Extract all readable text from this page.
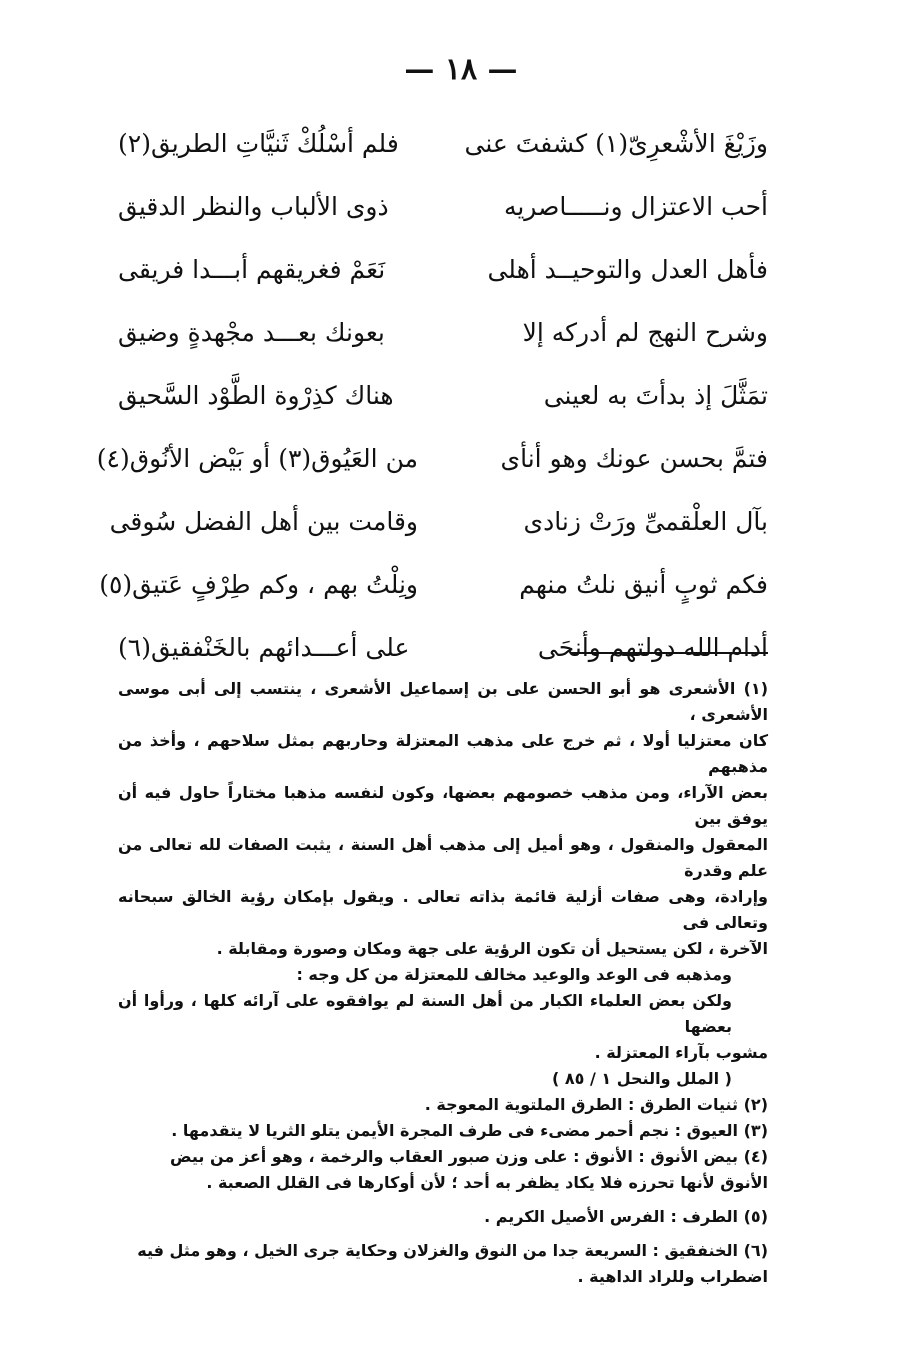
— ١٨ —
وزَيْغَ الأشْعرِىّ(١) كشفتَ عنى
فلم أسْلُكْ ثَنيَّاتِ الطريق(٢)
أحب الاعتزال ونـــــاصريه
ذوى الألباب والنظر الدقيق
فأهل العدل والتوحيــد أهلى
نَعَمْ فغريقهم أبـــدا فريقى
وشرح النهج لم أدركه إلا
بعونك بعـــد مجْهدةٍ وضيق
تمَثَّلَ إذ بدأتَ به لعينى
هناك كذِرْوة الطَّوْد السَّحيق
فتمَّ بحسن عونك وهو أنأى
من العَيُوق(٣) أو بَيْض الأنُوق(٤)
بآل العلْقمىِّ ورَتْ زنادى
وقامت بين أهل الفضل سُوقى
فكم ثوبٍ أنيق نلتُ منهم
ونِلْتُ بهم ، وكم طِرْفٍ عَتيق(٥)
أدام الله دولتهم وأنحَى
على أعـــدائهم بالخَنْفقيق(٦)

(١) الأشعرى هو أبو الحسن على بن إسماعيل الأشعرى ، ينتسب إلى أبى موسى الأشعرى ،

كان معتزليا أولا ، ثم خرج على مذهب المعتزلة وحاربهم بمثل سلاحهم ، وأخذ من مذهبهم

بعض الآراء، ومن مذهب خصومهم بعضها، وكون لنفسه مذهبا مختاراً حاول فيه أن يوفق بين

المعقول والمنقول ، وهو أميل إلى مذهب أهل السنة ، يثبت الصفات لله تعالى من علم وقدرة

وإرادة، وهى صفات أزلية قائمة بذاته تعالى . ويقول بإمكان رؤية الخالق سبحانه وتعالى فى

الآخرة ، لكن يستحيل أن تكون الرؤية على جهة ومكان وصورة ومقابلة .

ومذهبه فى الوعد والوعيد مخالف للمعتزلة من كل وجه :

ولكن بعض العلماء الكبار من أهل السنة لم يوافقوه على آرائه كلها ، ورأوا أن بعضها

مشوب بآراء المعتزلة .

( الملل والنحل ١ / ٨٥ )

(٢) ثنيات الطرق : الطرق الملتوية المعوجة .

(٣) العيوق : نجم أحمر مضىء فى طرف المجرة الأيمن يتلو الثريا لا يتقدمها .

(٤) بيض الأنوق : الأنوق : على وزن صبور العقاب والرخمة ، وهو أعز من بيض

الأنوق لأنها تحرزه فلا يكاد يظفر به أحد ؛ لأن أوكارها فى القلل الصعبة .

(٥) الطرف : الفرس الأصيل الكريم .

(٦) الخنفقيق : السريعة جدا من النوق والغزلان وحكاية جرى الخيل ، وهو مثل فيه

اضطراب وللراد الداهية .
